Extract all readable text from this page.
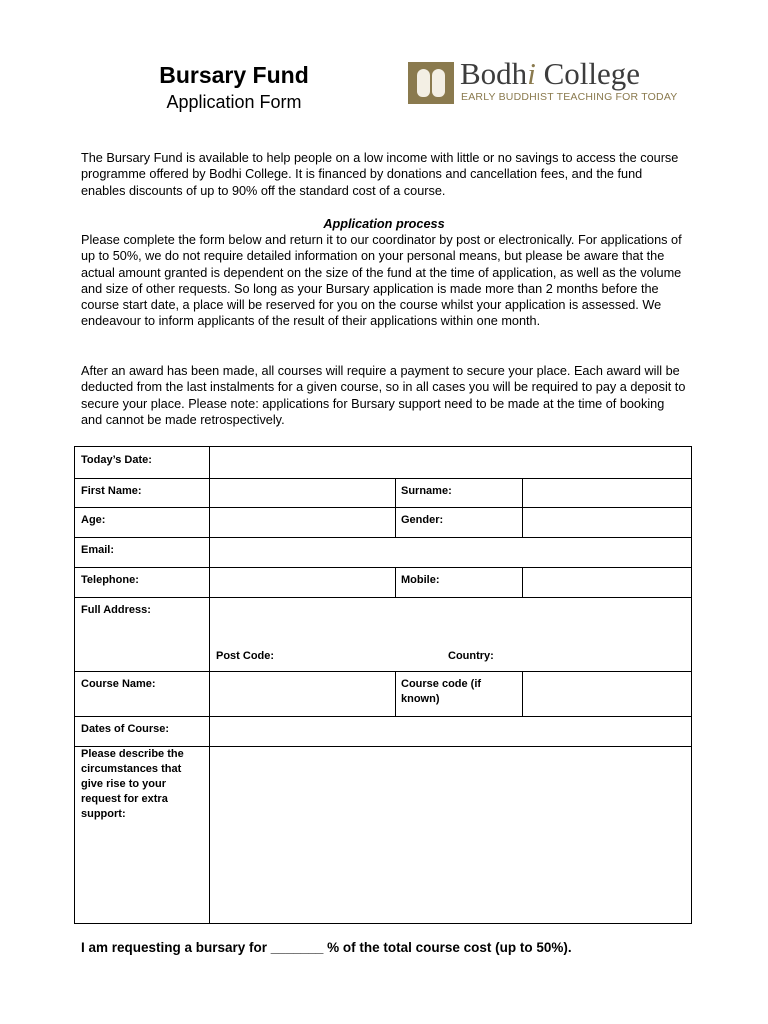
Bursary Fund
Application Form
Bodhi College
EARLY BUDDHIST TEACHING FOR TODAY
The Bursary Fund is available to help people on a low income with little or no savings to access the course programme offered by Bodhi College. It is financed by donations and cancellation fees, and the fund enables discounts of up to 90% off the standard cost of a course.
Application process
Please complete the form below and return it to our coordinator by post or electronically. For applications of up to 50%, we do not require detailed information on your personal means, but please be aware that the actual amount granted is dependent on the size of the fund at the time of application, as well as the volume and size of other requests. So long as your Bursary application is made more than 2 months before the course start date, a place will be reserved for you on the course whilst your application is assessed. We endeavour to inform applicants of the result of their applications within one month.
After an award has been made, all courses will require a payment to secure your place. Each award will be deducted from the last instalments for a given course, so in all cases you will be required to pay a deposit to secure your place. Please note: applications for Bursary support need to be made at the time of booking and cannot be made retrospectively.
Today’s Date:
First Name:	Surname:
Age:	Gender:
Email:
Telephone:	Mobile:
Full Address:
Post Code:	Country:
Course Name:	Course code (if known)
Dates of Course:
Please describe the circumstances that give rise to your request for extra support:
I am requesting a bursary for _______ % of the total course cost (up to 50%).
